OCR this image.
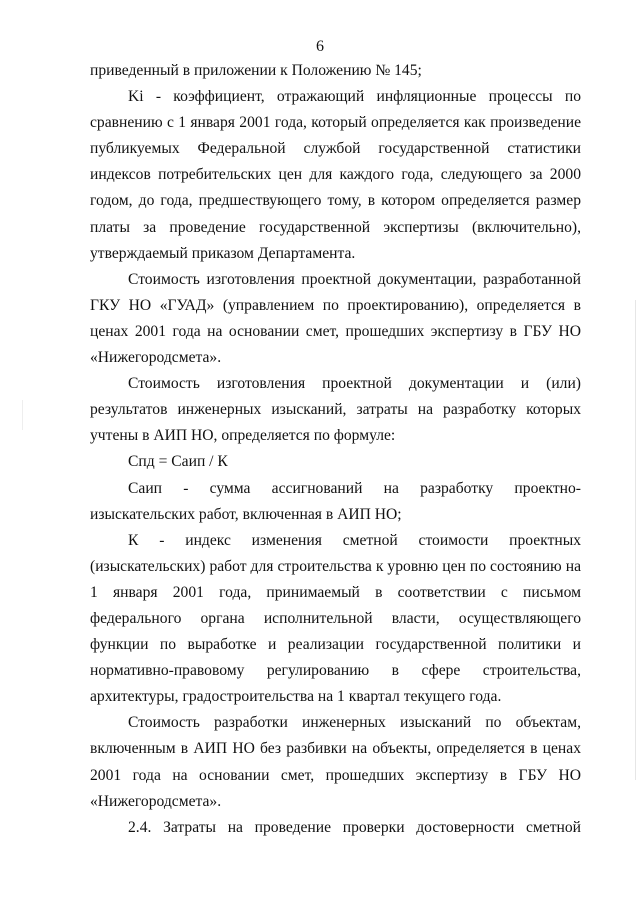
6

приведенный в приложении к Положению № 145;

Ki - коэффициент, отражающий инфляционные процессы по сравнению с 1 января 2001 года, который определяется как произведение публикуемых Федеральной службой государственной статистики индексов потребительских цен для каждого года, следующего за 2000 годом, до года, предшествующего тому, в котором определяется размер платы за проведение государственной экспертизы (включительно), утверждаемый приказом Департамента.

Стоимость изготовления проектной документации, разработанной ГКУ НО «ГУАД» (управлением по проектированию), определяется в ценах 2001 года на основании смет, прошедших экспертизу в ГБУ НО «Нижегородсмета».

Стоимость изготовления проектной документации и (или) результатов инженерных изысканий, затраты на разработку которых учтены в АИП НО, определяется по формуле:

Спд = Саип / К

Саип - сумма ассигнований на разработку проектно-изыскательских работ, включенная в АИП НО;

К - индекс изменения сметной стоимости проектных (изыскательских) работ для строительства к уровню цен по состоянию на 1 января 2001 года, принимаемый в соответствии с письмом федерального органа исполнительной власти, осуществляющего функции по выработке и реализации государственной политики и нормативно-правовому регулированию в сфере строительства, архитектуры, градостроительства на 1 квартал текущего года.

Стоимость разработки инженерных изысканий по объектам, включенным в АИП НО без разбивки на объекты, определяется в ценах 2001 года на основании смет, прошедших экспертизу в ГБУ НО «Нижегородсмета».

2.4. Затраты на проведение проверки достоверности сметной
